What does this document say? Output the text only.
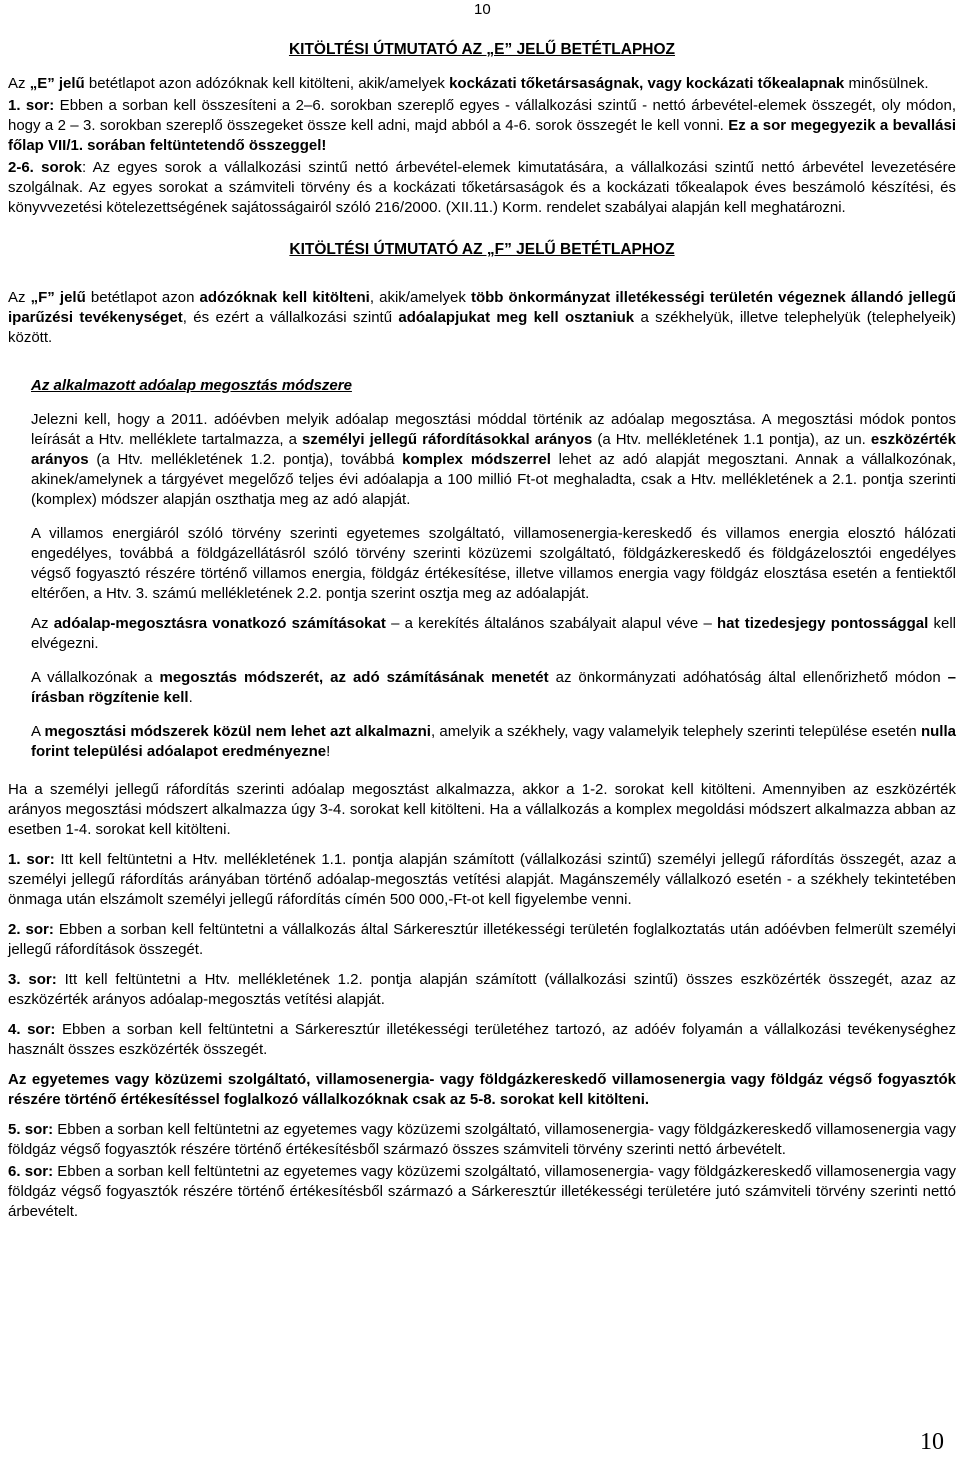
10
KITÖLTÉSI ÚTMUTATÓ AZ „E” JELŰ BETÉTLAPHOZ

Az „E” jelű betétlapot azon adózóknak kell kitölteni, akik/amelyek kockázati tőketársaságnak, vagy kockázati tőkealapnak minősülnek.

1. sor: Ebben a sorban kell összesíteni a 2–6. sorokban szereplő egyes - vállalkozási szintű - nettó árbevétel-elemek összegét, oly módon, hogy a 2 – 3. sorokban szereplő összegeket össze kell adni, majd abból a 4-6. sorok összegét le kell vonni. Ez a sor megegyezik a bevallási főlap VII/1. sorában feltüntetendő összeggel!

2-6. sorok: Az egyes sorok a vállalkozási szintű nettó árbevétel-elemek kimutatására, a vállalkozási szintű nettó árbevétel levezetésére szolgálnak. Az egyes sorokat a számviteli törvény és a kockázati tőketársaságok és a kockázati tőkealapok éves beszámoló készítési, és könyvvezetési kötelezettségének sajátosságairól szóló 216/2000. (XII.11.) Korm. rendelet szabályai alapján kell meghatározni.

KITÖLTÉSI ÚTMUTATÓ AZ „F” JELŰ BETÉTLAPHOZ

Az „F” jelű betétlapot azon adózóknak kell kitölteni, akik/amelyek több önkormányzat illetékességi területén végeznek állandó jellegű iparűzési tevékenységet, és ezért a vállalkozási szintű adóalapjukat meg kell osztaniuk a székhelyük, illetve telephelyük (telephelyeik) között.

Az alkalmazott adóalap megosztás módszere

Jelezni kell, hogy a 2011. adóévben melyik adóalap megosztási móddal történik az adóalap megosztása. A megosztási módok pontos leírását a Htv. melléklete tartalmazza, a személyi jellegű ráfordításokkal arányos (a Htv. mellékletének 1.1 pontja), az un. eszközérték arányos (a Htv. mellékletének 1.2. pontja), továbbá komplex módszerrel lehet az adó alapját megosztani. Annak a vállalkozónak, akinek/amelynek a tárgyévet megelőző teljes évi adóalapja a 100 millió Ft-ot meghaladta, csak a Htv. mellékletének a 2.1. pontja szerinti (komplex) módszer alapján oszthatja meg az adó alapját.

A villamos energiáról szóló törvény szerinti egyetemes szolgáltató, villamosenergia-kereskedő és villamos energia elosztó hálózati engedélyes, továbbá a földgázellátásról szóló törvény szerinti közüzemi szolgáltató, földgázkereskedő és földgázelosztói engedélyes végső fogyasztó részére történő villamos energia, földgáz értékesítése, illetve villamos energia vagy földgáz elosztása esetén a fentiektől eltérően, a Htv. 3. számú mellékletének 2.2. pontja szerint osztja meg az adóalapját.

Az adóalap-megosztásra vonatkozó számításokat – a kerekítés általános szabályait alapul véve – hat tizedesjegy pontossággal kell elvégezni.

A vállalkozónak a megosztás módszerét, az adó számításának menetét az önkormányzati adóhatóság által ellenőrizhető módon – írásban rögzítenie kell.

A megosztási módszerek közül nem lehet azt alkalmazni, amelyik a székhely, vagy valamelyik telephely szerinti települése esetén nulla forint települési adóalapot eredményezne!

Ha a személyi jellegű ráfordítás szerinti adóalap megosztást alkalmazza, akkor a 1-2. sorokat kell kitölteni. Amennyiben az eszközérték arányos megosztási módszert alkalmazza úgy 3-4. sorokat kell kitölteni. Ha a vállalkozás a komplex megoldási módszert alkalmazza abban az esetben 1-4. sorokat kell kitölteni.

1. sor: Itt kell feltüntetni a Htv. mellékletének 1.1. pontja alapján számított (vállalkozási szintű) személyi jellegű ráfordítás összegét, azaz a személyi jellegű ráfordítás arányában történő adóalap-megosztás vetítési alapját. Magánszemély vállalkozó esetén - a székhely tekintetében önmaga után elszámolt személyi jellegű ráfordítás címén 500 000,-Ft-ot kell figyelembe venni.

2. sor: Ebben a sorban kell feltüntetni a vállalkozás által Sárkeresztúr illetékességi területén foglalkoztatás után adóévben felmerült személyi jellegű ráfordítások összegét.

3. sor: Itt kell feltüntetni a Htv. mellékletének 1.2. pontja alapján számított (vállalkozási szintű) összes eszközérték összegét, azaz az eszközérték arányos adóalap-megosztás vetítési alapját.

4. sor: Ebben a sorban kell feltüntetni a Sárkeresztúr illetékességi területéhez tartozó, az adóév folyamán a vállalkozási tevékenységhez használt összes eszközérték összegét.

Az egyetemes vagy közüzemi szolgáltató, villamosenergia- vagy földgázkereskedő villamosenergia vagy földgáz végső fogyasztók részére történő értékesítéssel foglalkozó vállalkozóknak csak az 5-8. sorokat kell kitölteni.

5. sor: Ebben a sorban kell feltüntetni az egyetemes vagy közüzemi szolgáltató, villamosenergia- vagy földgázkereskedő villamosenergia vagy földgáz végső fogyasztók részére történő értékesítésből származó összes számviteli törvény szerinti nettó árbevételt.

6. sor: Ebben a sorban kell feltüntetni az egyetemes vagy közüzemi szolgáltató, villamosenergia- vagy földgázkereskedő villamosenergia vagy földgáz végső fogyasztók részére történő értékesítésből származó a Sárkeresztúr illetékességi területére jutó számviteli törvény szerinti nettó árbevételt.

10
